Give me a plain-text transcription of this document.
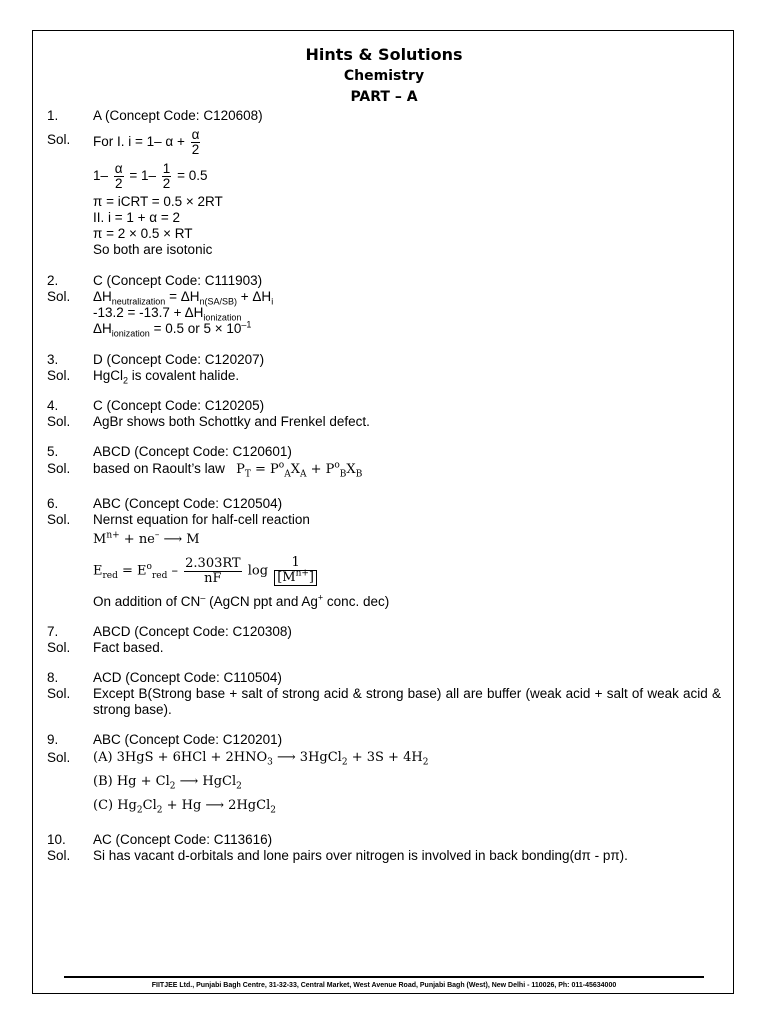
Hints & Solutions
Chemistry
PART – A
1.	A (Concept Code: C120608)
Sol. For I. i = 1– $\alpha + \frac{\alpha}{2}$
$1- \frac{\alpha}{2} = 1- \frac{1}{2} = 0.5$
π = iCRT = 0.5 × 2RT
II. i = 1 + α = 2
π = 2 × 0.5 × RT
So both are isotonic
2.	C (Concept Code: C111903)
Sol. $\Delta H_{neutralization} = \Delta H_{n(SA/SB)} + \Delta H_i$
$-13.2 = -13.7 + \Delta H_{ionization}$
$\Delta H_{ionization} = 0.5$ or $5 \times 10^{-1}$
3.	D (Concept Code: C120207)
Sol. HgCl$_2$ is covalent halide.
4.	C (Concept Code: C120205)
Sol. AgBr shows both Schottky and Frenkel defect.
5.	ABCD (Concept Code: C120601)
Sol. based on Raoult’s law $P_T = P^o_AX_A + P^o_BX_B$
6.	ABC (Concept Code: C120504)
Sol. Nernst equation for half-cell reaction
$M^{n+} + ne^-$ ⟶ M
$E_{red} = E^o_{red} - \frac{2.303RT}{nF}$ $\log \frac{1}{[M^{n+}]}$
On addition of CN– (AgCN ppt and Ag+ conc. dec)
7.	ABCD (Concept Code: C120308)
Sol. Fact based.
8.	ACD (Concept Code: C110504)
Sol. Except B(Strong base + salt of strong acid & strong base) all are buffer (weak acid + salt of weak acid & strong base).
9.	ABC (Concept Code: C120201)
Sol. (A) $3HgS + 6HCl + 2HNO_3$ ⟶ 3HgCl$_2$ + $3S + 4H_2$
(B) $Hg + Cl_2$ ⟶ HgCl$_2$
(C) $Hg_2Cl_2 + Hg$ ⟶ 2HgCl$_2$
10. AC (Concept Code: C113616)
Sol. Si has vacant d-orbitals and lone pairs over nitrogen is involved in back bonding(dπ - pπ).
FIITJEE Ltd., Punjabi Bagh Centre, 31-32-33, Central Market, West Avenue Road, Punjabi Bagh (West), New Delhi - 110026, Ph: 011-45634000
